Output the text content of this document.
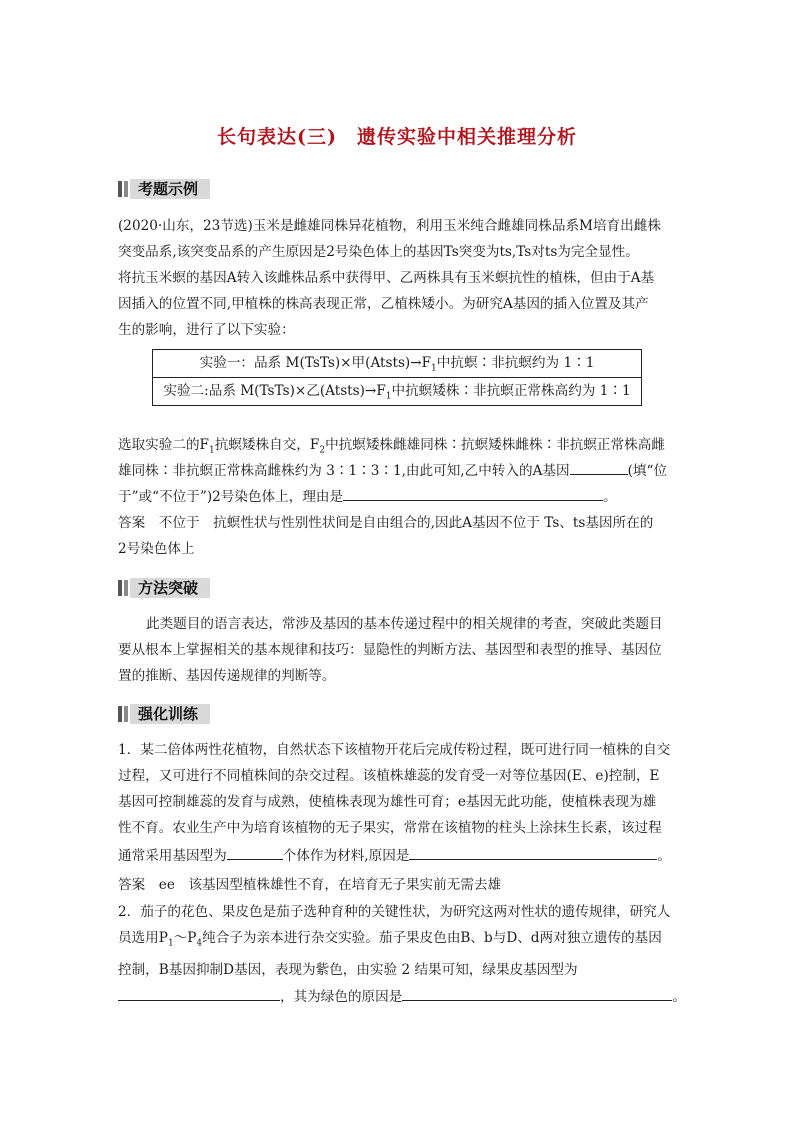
长句表达(三)　遗传实验中相关推理分析
考题示例
(2020·山东，23节选)玉米是雌雄同株异花植物，利用玉米纯合雌雄同株品系M培育出雌株
突变品系,该突变品系的产生原因是2号染色体上的基因Ts突变为ts,Ts对ts为完全显性。
将抗玉米螟的基因A转入该雌株品系中获得甲、乙两株具有玉米螟抗性的植株，但由于A基
因插入的位置不同,甲植株的株高表现正常，乙植株矮小。为研究A基因的插入位置及其产
生的影响，进行了以下实验：
实验一：品系 M(TsTs)×甲$(Atsts)\to F_1$中抗螟∶非抗螟约为 1∶1
实验二:品系 M(TsTs)×乙$(Atsts)\to F_1$中抗螟矮株∶非抗螟正常株高约为 1∶1
选取实验二的$F_1$抗螟矮株自交，$F_2$中抗螟矮株雌雄同株∶抗螟矮株雌株∶非抗螟正常株高雌
雄同株∶非抗螟正常株高雌株约为 3∶1∶3∶1,由此可知,乙中转入的A基因	(填“位
于”或“不位于”)2号染色体上，理由是	。
答案　不位于　抗螟性状与性别性状间是自由组合的,因此A基因不位于 Ts、ts基因所在的
2号染色体上
方法突破
此类题目的语言表达，常涉及基因的基本传递过程中的相关规律的考查，突破此类题目
要从根本上掌握相关的基本规律和技巧：显隐性的判断方法、基因型和表型的推导、基因位
置的推断、基因传递规律的判断等。
强化训练
1．某二倍体两性花植物，自然状态下该植物开花后完成传粉过程，既可进行同一植株的自交
过程，又可进行不同植株间的杂交过程。该植株雄蕊的发育受一对等位基因(E、e)控制，E
基因可控制雄蕊的发育与成熟，使植株表现为雄性可育；e基因无此功能，使植株表现为雄
性不育。农业生产中为培育该植物的无子果实，常常在该植物的柱头上涂抹生长素，该过程
通常采用基因型为	个体作为材料,原因是	。
答案　ee　该基因型植株雄性不育，在培育无子果实前无需去雄
2．茄子的花色、果皮色是茄子选种育种的关键性状，为研究这两对性状的遗传规律，研究人
员选用$P_1\sim P_4$纯合子为亲本进行杂交实验。茄子果皮色由B、b与D、d两对独立遗传的基因
控制，B基因抑制D基因，表现为紫色，由实验 2 结果可知，绿果皮基因型为
，其为绿色的原因是	。
